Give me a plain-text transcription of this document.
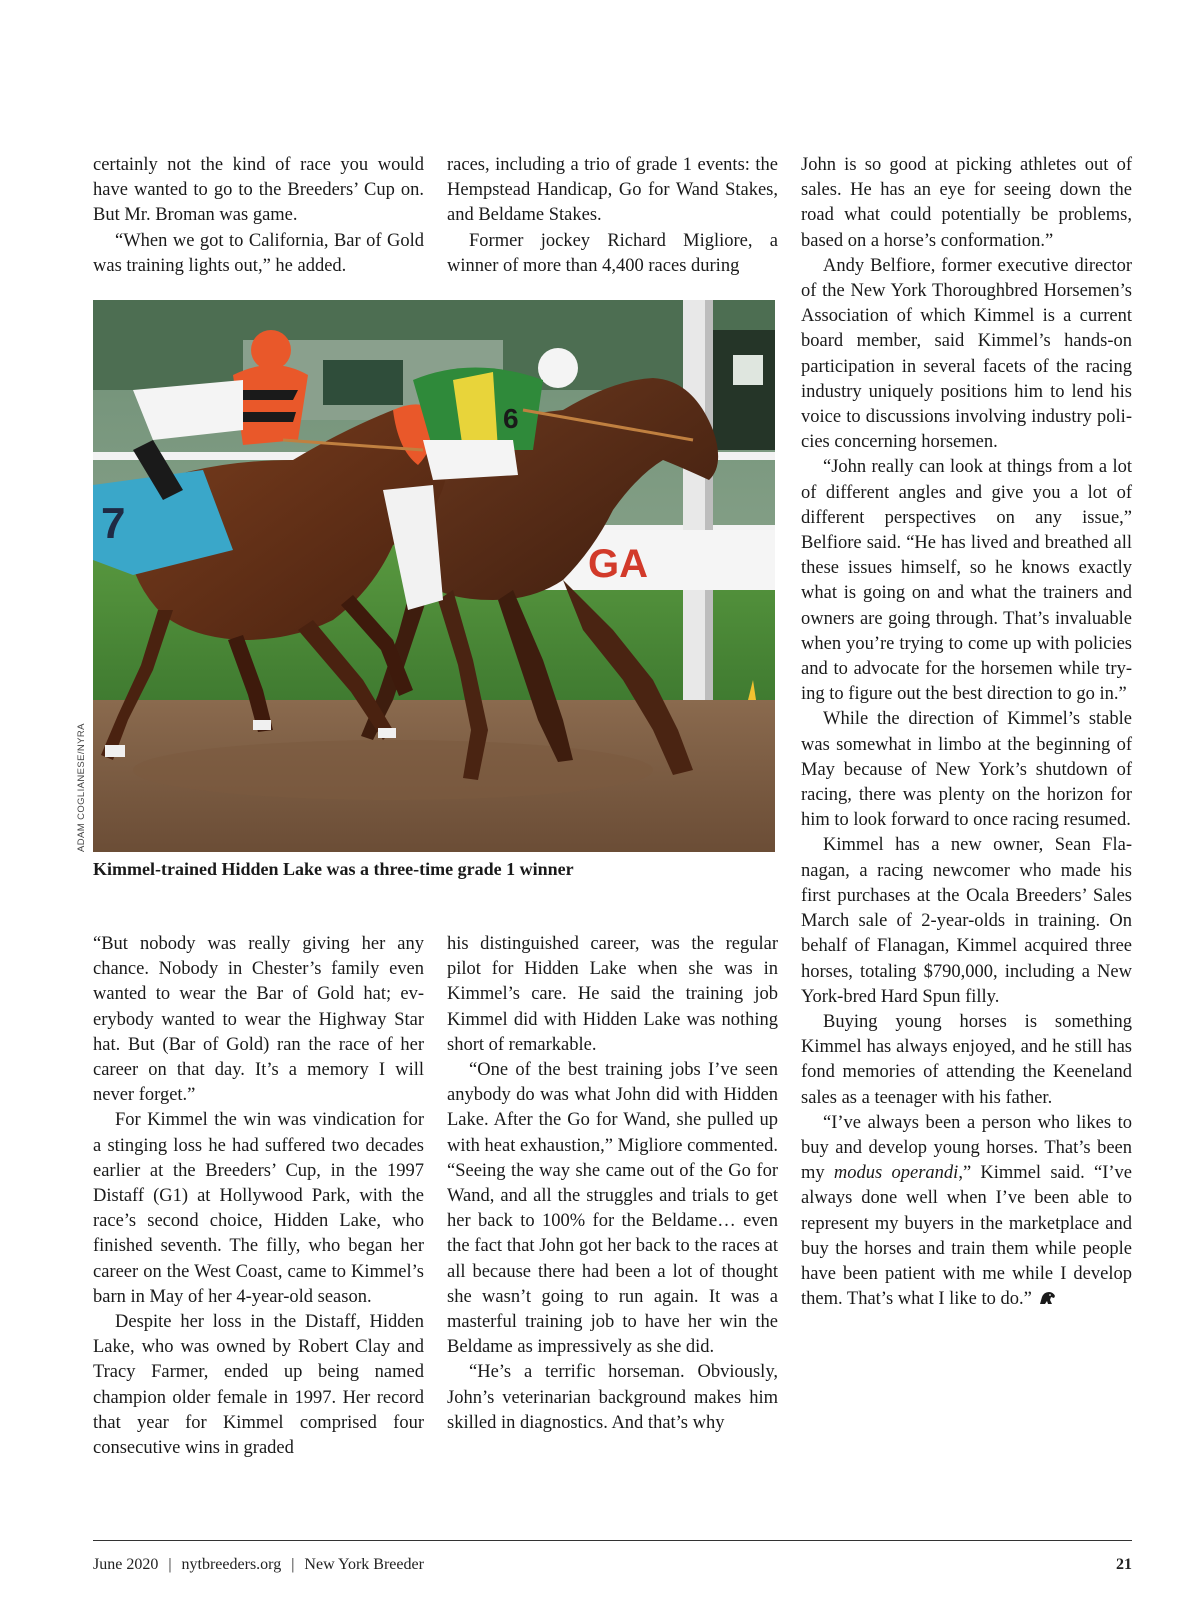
certainly not the kind of race you would have wanted to go to the Breeders’ Cup on. But Mr. Broman was game.

“When we got to California, Bar of Gold was training lights out,” he added.

races, including a trio of grade 1 events: the Hempstead Handicap, Go for Wand Stakes, and Beldame Stakes.

Former jockey Richard Migliore, a winner of more than 4,400 races during

John is so good at picking athletes out of sales. He has an eye for seeing down the road what could potentially be problems, based on a horse’s conformation.”

Andy Belfiore, former executive director of the New York Thoroughbred Horsemen’s Association of which Kimmel is a current board member, said Kimmel’s hands-on participation in several facets of the racing industry uniquely positions him to lend his voice to discussions involving industry policies concerning horsemen.

“John really can look at things from a lot of different angles and give you a lot of different perspectives on any issue,” Belfiore said. “He has lived and breathed all these issues himself, so he knows exactly what is going on and what the trainers and owners are going through. That’s invaluable when you’re trying to come up with policies and to advocate for the horsemen while trying to figure out the best direction to go in.”

While the direction of Kimmel’s stable was somewhat in limbo at the beginning of May because of New York’s shutdown of racing, there was plenty on the horizon for him to look forward to once racing resumed.

Kimmel has a new owner, Sean Flanagan, a racing newcomer who made his first purchases at the Ocala Breeders’ Sales March sale of 2-year-olds in training. On behalf of Flanagan, Kimmel acquired three horses, totaling $790,000, including a New York-bred Hard Spun filly.

Buying young horses is something Kimmel has always enjoyed, and he still has fond memories of attending the Keeneland sales as a teenager with his father.

“I’ve always been a person who likes to buy and develop young horses. That’s been my modus operandi,” Kimmel said. “I’ve always done well when I’ve been able to represent my buyers in the marketplace and buy the horses and train them while people have been patient with me while I develop them. That’s what I like to do.”

GA
7
6
ADAM COGLIANESE/NYRA
Kimmel-trained Hidden Lake was a three-time grade 1 winner

“But nobody was really giving her any chance. Nobody in Chester’s family even wanted to wear the Bar of Gold hat; everybody wanted to wear the Highway Star hat. But (Bar of Gold) ran the race of her career on that day. It’s a memory I will never forget.”

For Kimmel the win was vindication for a stinging loss he had suffered two decades earlier at the Breeders’ Cup, in the 1997 Distaff (G1) at Hollywood Park, with the race’s second choice, Hidden Lake, who finished seventh. The filly, who began her career on the West Coast, came to Kimmel’s barn in May of her 4-year-old season.

Despite her loss in the Distaff, Hidden Lake, who was owned by Robert Clay and Tracy Farmer, ended up being named champion older female in 1997. Her record that year for Kimmel comprised four consecutive wins in graded

his distinguished career, was the regular pilot for Hidden Lake when she was in Kimmel’s care. He said the training job Kimmel did with Hidden Lake was nothing short of remarkable.

“One of the best training jobs I’ve seen anybody do was what John did with Hidden Lake. After the Go for Wand, she pulled up with heat exhaustion,” Migliore commented. “Seeing the way she came out of the Go for Wand, and all the struggles and trials to get her back to 100% for the Beldame… even the fact that John got her back to the races at all because there had been a lot of thought she wasn’t going to run again. It was a masterful training job to have her win the Beldame as impressively as she did.

“He’s a terrific horseman. Obviously, John’s veterinarian background makes him skilled in diagnostics. And that’s why

June 2020 | nytbreeders.org | New York Breeder	21
